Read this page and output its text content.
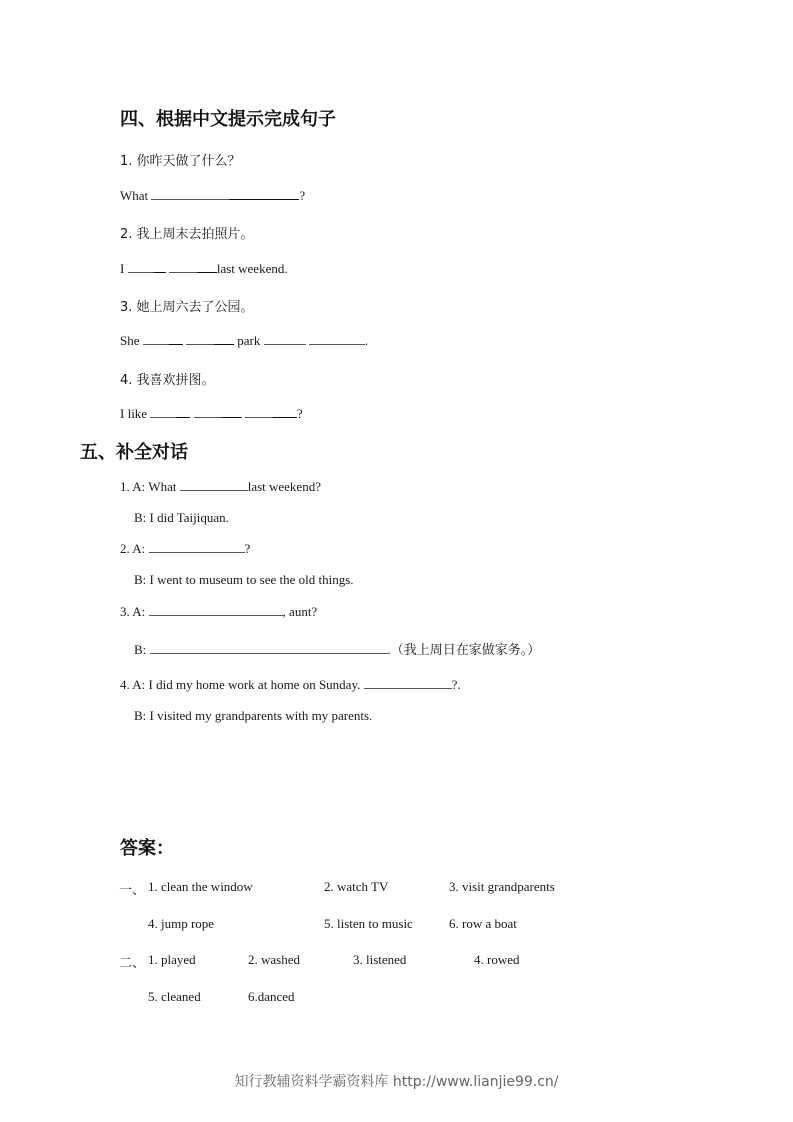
四、根据中文提示完成句子
1. 你昨天做了什么？
What	?
2. 我上周末去拍照片。
I	last weekend.
3. 她上周六去了公园。
She	park	.
4. 我喜欢拼图。
I like	?
五、补全对话
1. A: What	last weekend?
B: I did Taijiquan.
2. A:	?
B: I went to museum to see the old things.
3. A:	, aunt?
B:	.（我上周日在家做家务。）
4. A: I did my home work at home on Sunday.	?.
B: I visited my grandparents with my parents.
答案：
一、 1. clean the window	2. watch TV	3. visit grandparents
4. jump rope	5. listen to music	6. row a boat
二、 1. played	2. washed	3. listened	4. rowed
5. cleaned	6.danced
知行教辅资料学霸资料库 http://www.lianjie99.cn/
